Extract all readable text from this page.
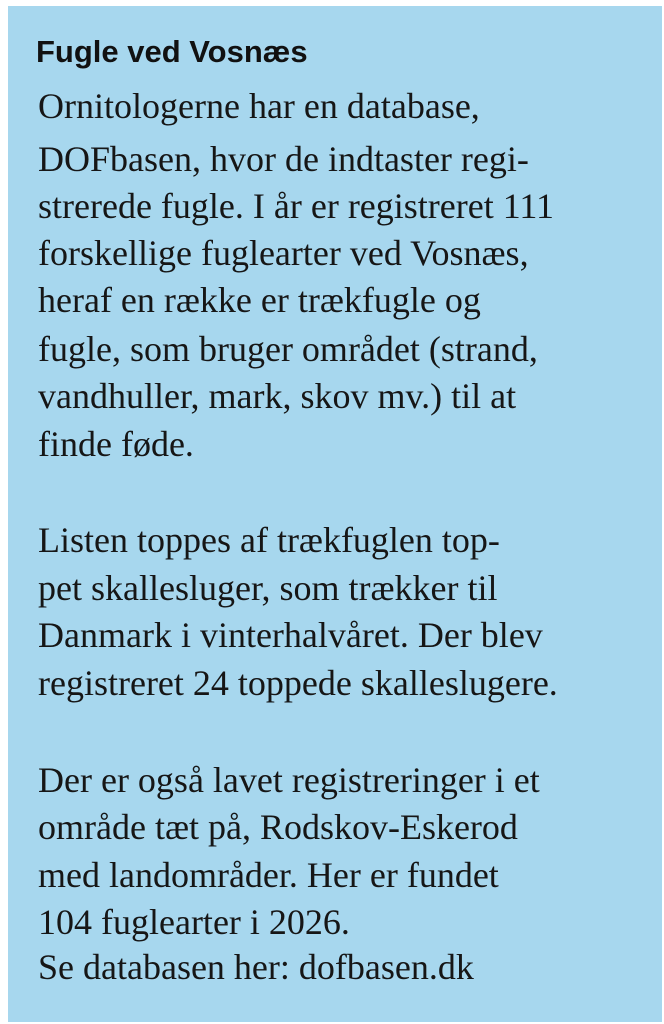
Fugle ved Vosnæs

Ornitologerne har en database,

DOFbasen, hvor de indtaster regi-

strerede fugle. I år er registreret 111

forskellige fuglearter ved Vosnæs,

heraf en række er trækfugle og

fugle, som bruger området (strand,

vandhuller, mark, skov mv.) til at

finde føde.

Listen toppes af trækfuglen top-

pet skallesluger, som trækker til

Danmark i vinterhalvåret. Der blev

registreret 24 toppede skalleslugere.

Der er også lavet registreringer i et

område tæt på, Rodskov-Eskerod

med landområder. Her er fundet

104 fuglearter i 2026.

Se databasen her: dofbasen.dk
